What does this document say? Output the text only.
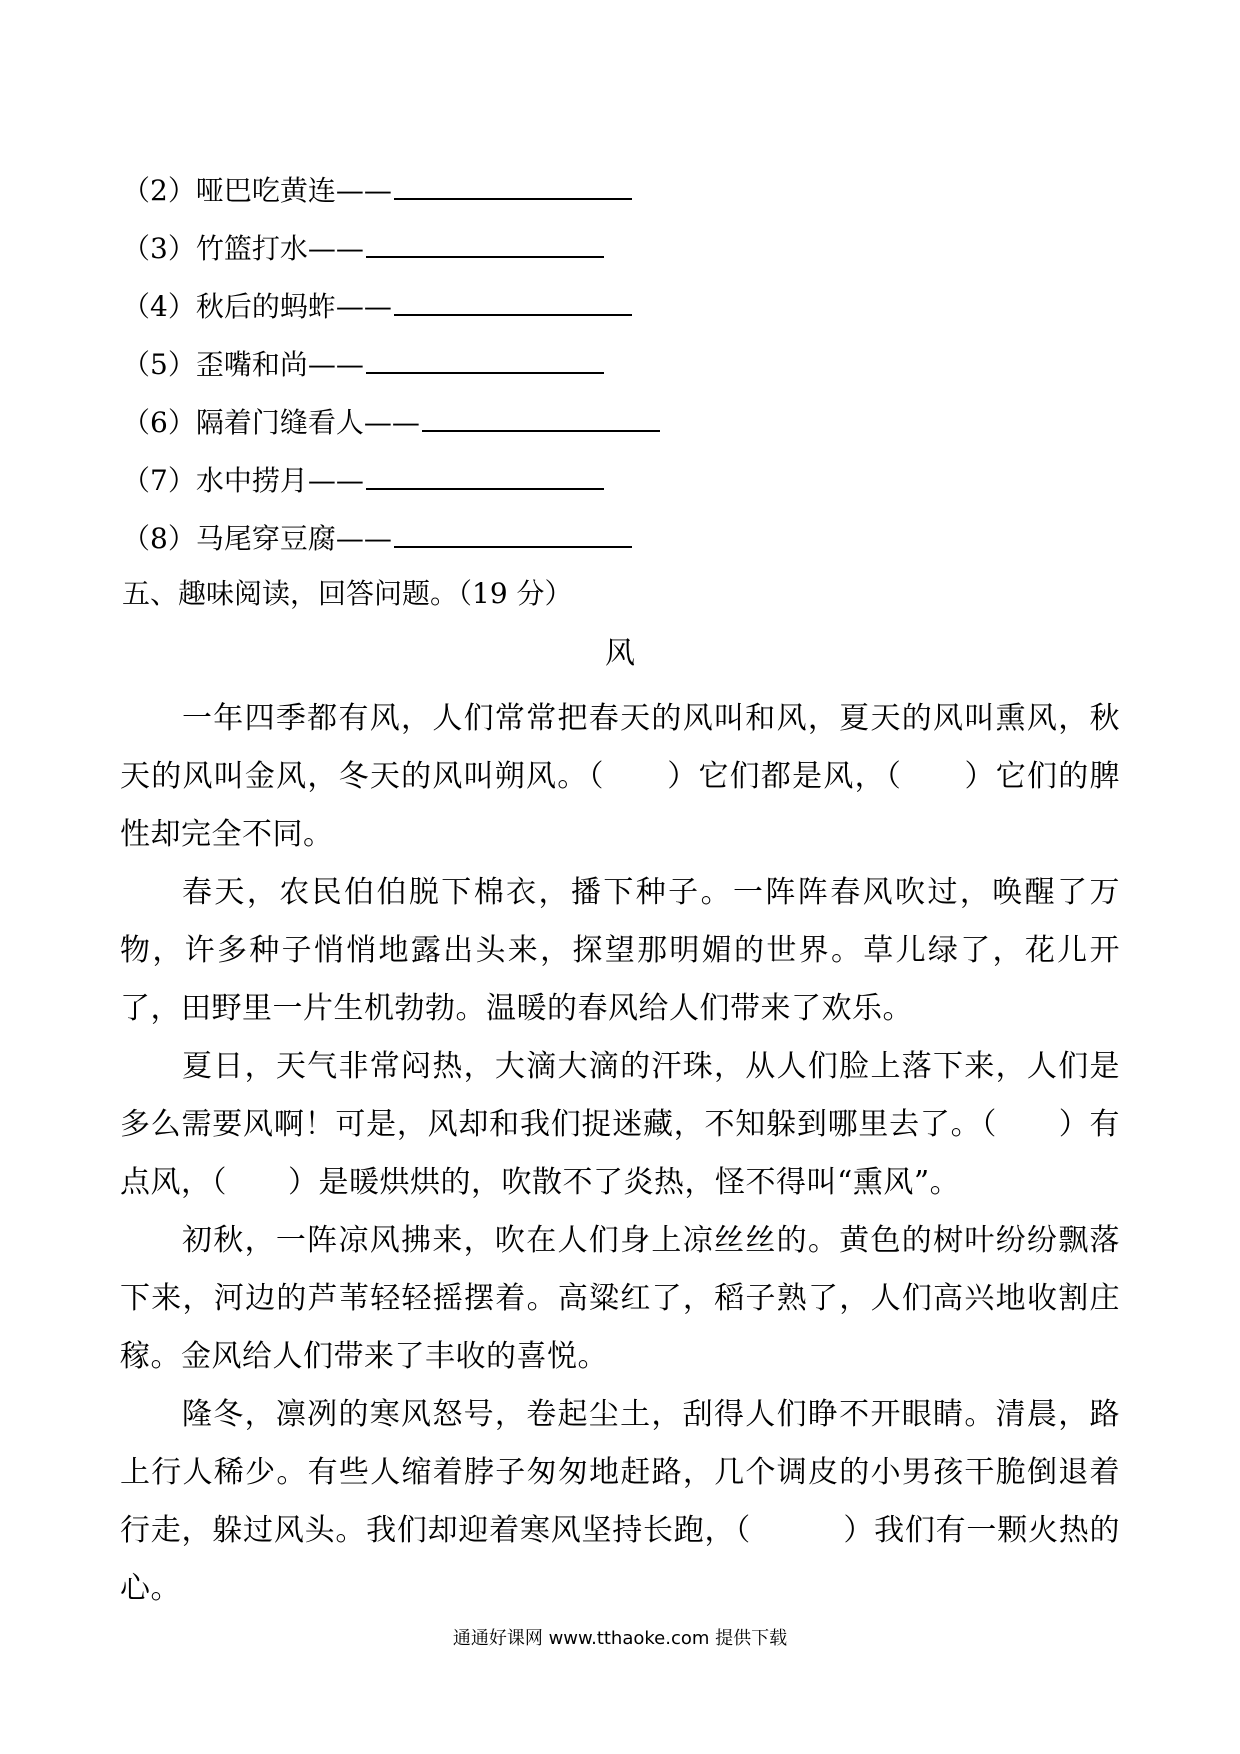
（2）哑巴吃黄连——
（3）竹篮打水——
（4）秋后的蚂蚱——
（5）歪嘴和尚——
（6）隔着门缝看人——
（7）水中捞月——
（8）马尾穿豆腐——
五、趣味阅读，回答问题。（19 分）
风

一年四季都有风，人们常常把春天的风叫和风，夏天的风叫熏风，秋天的风叫金风，冬天的风叫朔风。（　　）它们都是风，（　　）它们的脾性却完全不同。

春天，农民伯伯脱下棉衣，播下种子。一阵阵春风吹过，唤醒了万物，许多种子悄悄地露出头来，探望那明媚的世界。草儿绿了，花儿开了，田野里一片生机勃勃。温暖的春风给人们带来了欢乐。

夏日，天气非常闷热，大滴大滴的汗珠，从人们脸上落下来，人们是多么需要风啊！可是，风却和我们捉迷藏，不知躲到哪里去了。（　　）有点风，（　　）是暖烘烘的，吹散不了炎热，怪不得叫“熏风”。

初秋，一阵凉风拂来，吹在人们身上凉丝丝的。黄色的树叶纷纷飘落下来，河边的芦苇轻轻摇摆着。高粱红了，稻子熟了，人们高兴地收割庄稼。金风给人们带来了丰收的喜悦。

隆冬，凛冽的寒风怒号，卷起尘土，刮得人们睁不开眼睛。清晨，路上行人稀少。有些人缩着脖子匆匆地赶路，几个调皮的小男孩干脆倒退着行走，躲过风头。我们却迎着寒风坚持长跑，（　　　）我们有一颗火热的心。

通通好课网 www.tthaoke.com 提供下载
